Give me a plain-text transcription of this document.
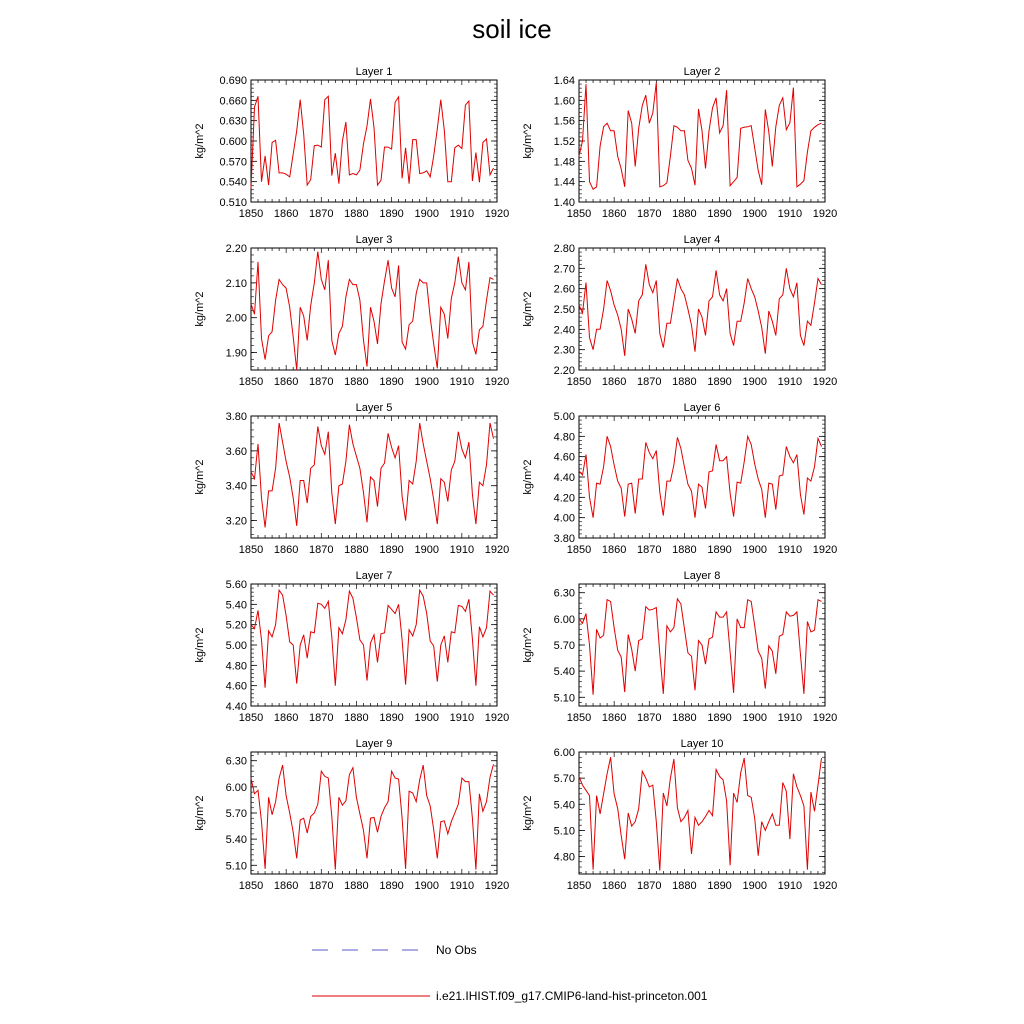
soil ice
Layer 1
1850 1860 1870 1880 1890 1900 1910 1920
0.510
0.540
0.570
0.600
0.630
0.660
0.690
kg/m^2
Layer 2
1850 1860 1870 1880 1890 1900 1910 1920
1.40
1.44
1.48
1.52
1.56
1.60
1.64
kg/m^2
Layer 3
1850 1860 1870 1880 1890 1900 1910 1920
1.90
2.00
2.10
2.20
kg/m^2
Layer 4
1850 1860 1870 1880 1890 1900 1910 1920
2.20
2.30
2.40
2.50
2.60
2.70
2.80
kg/m^2
Layer 5
1850 1860 1870 1880 1890 1900 1910 1920
3.20
3.40
3.60
3.80
kg/m^2
Layer 6
1850 1860 1870 1880 1890 1900 1910 1920
3.80
4.00
4.20
4.40
4.60
4.80
5.00
kg/m^2
Layer 7
1850 1860 1870 1880 1890 1900 1910 1920
4.40
4.60
4.80
5.00
5.20
5.40
5.60
kg/m^2
Layer 8
1850 1860 1870 1880 1890 1900 1910 1920
5.10
5.40
5.70
6.00
6.30
kg/m^2
Layer 9
1850 1860 1870 1880 1890 1900 1910 1920
5.10
5.40
5.70
6.00
6.30
kg/m^2
Layer 10
1850 1860 1870 1880 1890 1900 1910 1920
4.80
5.10
5.40
5.70
6.00
kg/m^2
No Obs
i.e21.IHIST.f09_g17.CMIP6-land-hist-princeton.001
